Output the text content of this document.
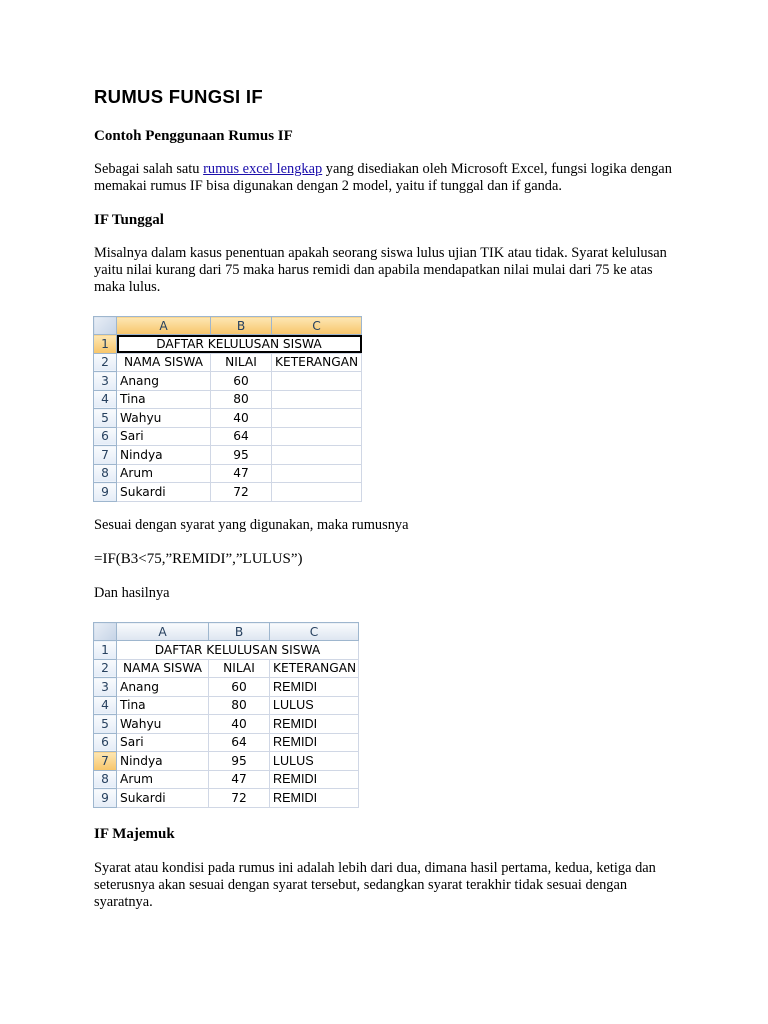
RUMUS FUNGSI IF
Contoh Penggunaan Rumus IF

Sebagai salah satu rumus excel lengkap yang disediakan oleh Microsoft Excel, fungsi logika dengan memakai rumus IF bisa digunakan dengan 2 model, yaitu if tunggal dan if ganda.

IF Tunggal

Misalnya dalam kasus penentuan apakah seorang siswa lulus ujian TIK atau tidak. Syarat kelulusan yaitu nilai kurang dari 75 maka harus remidi dan apabila mendapatkan nilai mulai dari 75 ke atas maka lulus.

	A	B	C
1	DAFTAR KELULUSAN SISWA		
2	NAMA SISWA	NILAI	KETERANGAN
3	Anang	60	
4	Tina	80	
5	Wahyu	40	
6	Sari	64	
7	Nindya	95	
8	Arum	47	
9	Sukardi	72	
Sesuai dengan syarat yang digunakan, maka rumusnya
=IF(B3<75,”REMIDI”,”LULUS”)
Dan hasilnya
	A	B	C
1	DAFTAR KELULUSAN SISWA		
2	NAMA SISWA	NILAI	KETERANGAN
3	Anang	60	REMIDI
4	Tina	80	LULUS
5	Wahyu	40	REMIDI
6	Sari	64	REMIDI
7	Nindya	95	LULUS
8	Arum	47	REMIDI
9	Sukardi	72	REMIDI
IF Majemuk

Syarat atau kondisi pada rumus ini adalah lebih dari dua, dimana hasil pertama, kedua, ketiga dan seterusnya akan sesuai dengan syarat tersebut, sedangkan syarat terakhir tidak sesuai dengan syaratnya.
